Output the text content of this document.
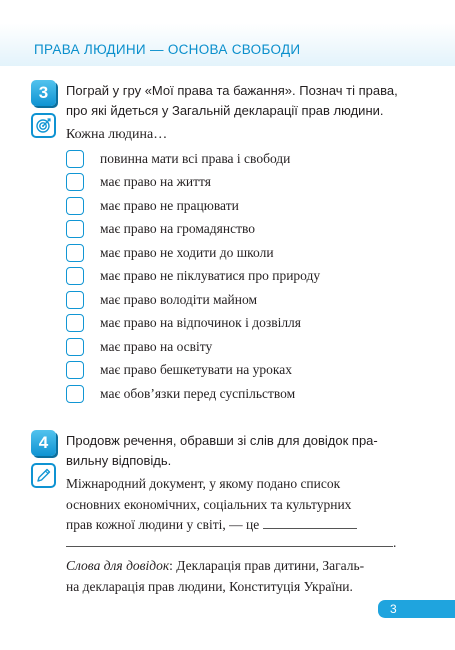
ПРАВА ЛЮДИНИ — ОСНОВА СВОБОДИ
3	Пограй у гру «Мої права та бажання». Познач ті права,
про які йдеться у Загальній декларації прав людини.
Кожна людина…
повинна мати всі права і свободи
має право на життя
має право не працювати
має право на громадянство
має право не ходити до школи
має право не піклуватися про природу
має право володіти майном
має право на відпочинок і дозвілля
має право на освіту
має право бешкетувати на уроках
має обов’язки перед суспільством
4	Продовж речення, обравши зі слів для довідок пра-
вильну відповідь.
Міжнародний документ, у якому подано список
основних економічних, соціальних та культурних
прав кожної людини у світі, — це
.
Слова для довідок: Декларація прав дитини, Загаль-
на декларація прав людини, Конституція України.
3
